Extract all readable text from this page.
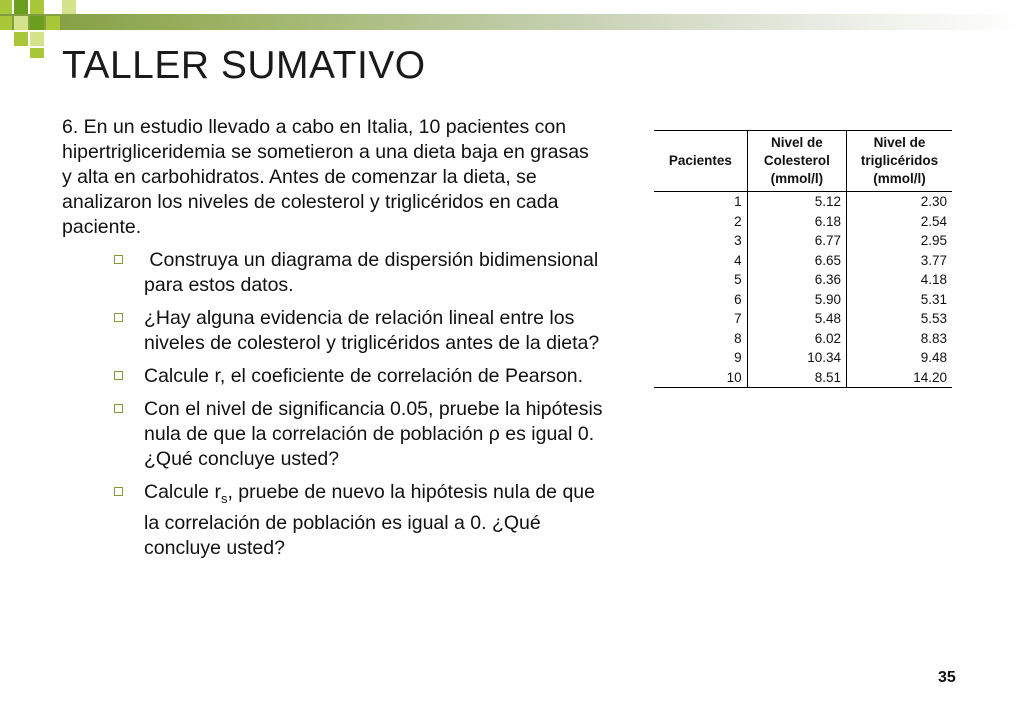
TALLER SUMATIVO
6. En un estudio llevado a cabo en Italia, 10 pacientes con hipertrigliceridemia se sometieron a una dieta baja en grasas y alta en carbohidratos. Antes de comenzar la dieta, se analizaron los niveles de colesterol y triglicéridos en cada paciente.
Construya un diagrama de dispersión bidimensional para estos datos.
¿Hay alguna evidencia de relación lineal entre los niveles de colesterol y triglicéridos antes de la dieta?
Calcule r, el coeficiente de correlación de Pearson.
Con el nivel de significancia 0.05, pruebe la hipótesis nula de que la correlación de población ρ es igual 0. ¿Qué concluye usted?
Calcule $r_s$, pruebe de nuevo la hipótesis nula de que la correlación de población es igual a 0. ¿Qué concluye usted?
Pacientes	Nivel de Colesterol (mmol/l)	Nivel de triglicéridos (mmol/l)
1	5.12	2.30
2	6.18	2.54
3	6.77	2.95
4	6.65	3.77
5	6.36	4.18
6	5.90	5.31
7	5.48	5.53
8	6.02	8.83
9	10.34	9.48
10	8.51	14.20
35
